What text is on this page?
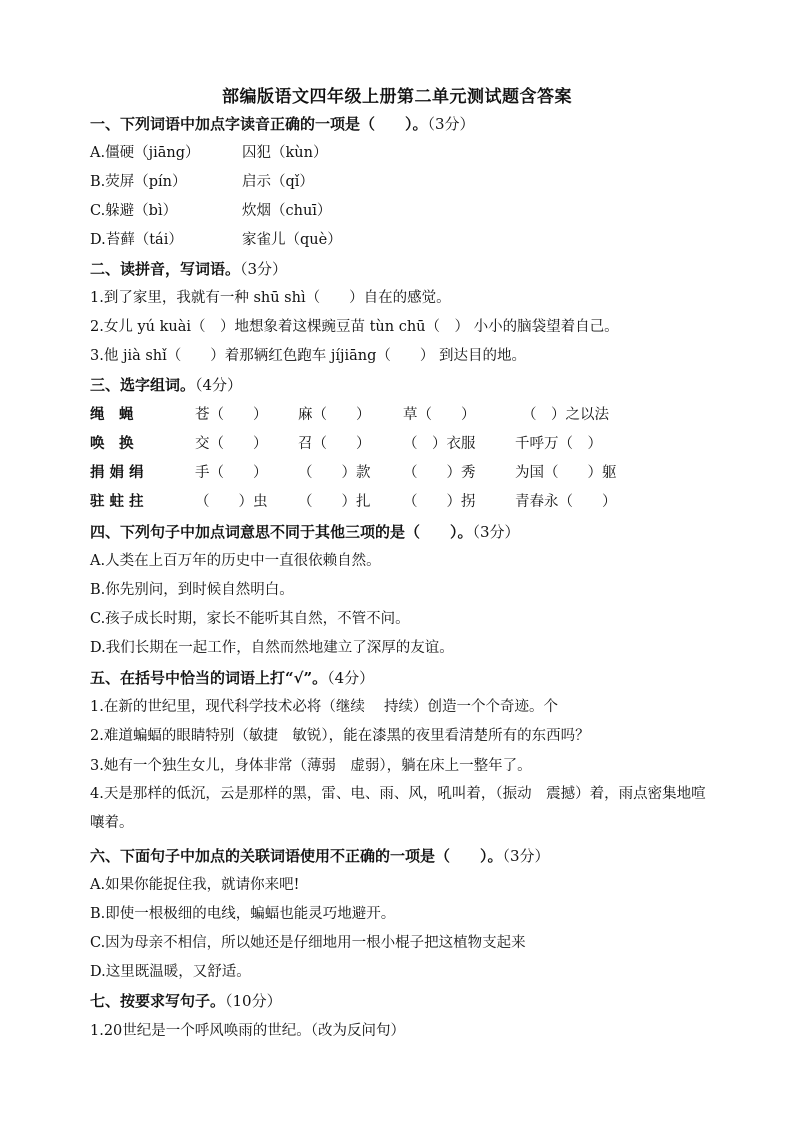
部编版语文四年级上册第二单元测试题含答案
一、下列词语中加点字读音正确的一项是（　　）。（3分）
A.僵硬（jiāng）	囚犯（kùn）
B.荧屏（pín）	启示（qǐ）
C.躲避（bì）	炊烟（chuī）
D.苔藓（tái）	家雀儿（què）
二、读拼音，写词语。（3分）
1.到了家里，我就有一种 shū shì（　　）自在的感觉。
2.女儿 yú kuài（　）地想象着这棵豌豆苗 tùn chū（　） 小小的脑袋望着自己。
3.他 jià shǐ（　　）着那辆红色跑车 jíjiāng（　　） 到达目的地。
三、选字组词。（4分）
绳　蝇	苍（　　） 麻（　　） 草（　　）	（　）之以法
唤　换	交（　　） 召（　　） （　）衣服	千呼万（　）
捐 娟 绢	手（　　） （　　）款 （　　）秀	为国（　　）躯
驻 蛀 拄	（　　）虫 （　　）扎 （　　）拐	青春永（　　）
四、下列句子中加点词意思不同于其他三项的是（　　）。（3分）
A.人类在上百万年的历史中一直很依赖自然。
B.你先别问，到时候自然明白。
C.孩子成长时期，家长不能听其自然，不管不问。
D.我们长期在一起工作，自然而然地建立了深厚的友谊。
五、在括号中恰当的词语上打“√”。（4分）
1.在新的世纪里，现代科学技术必将（继续　 持续）创造一个个奇迹。个
2.难道蝙蝠的眼睛特别（敏捷　敏锐），能在漆黑的夜里看清楚所有的东西吗？
3.她有一个独生女儿，身体非常（薄弱　虚弱），躺在床上一整年了。
4.天是那样的低沉，云是那样的黑，雷、电、雨、风，吼叫着，（振动　震撼）着，雨点密集地喧嚷着。
六、下面句子中加点的关联词语使用不正确的一项是（　　）。（3分）
A.如果你能捉住我，就请你来吧!
B.即使一根极细的电线，蝙蝠也能灵巧地避开。
C.因为母亲不相信，所以她还是仔细地用一根小棍子把这植物支起来
D.这里既温暖，又舒适。
七、按要求写句子。（10分）
1.20世纪是一个呼风唤雨的世纪。（改为反问句）
